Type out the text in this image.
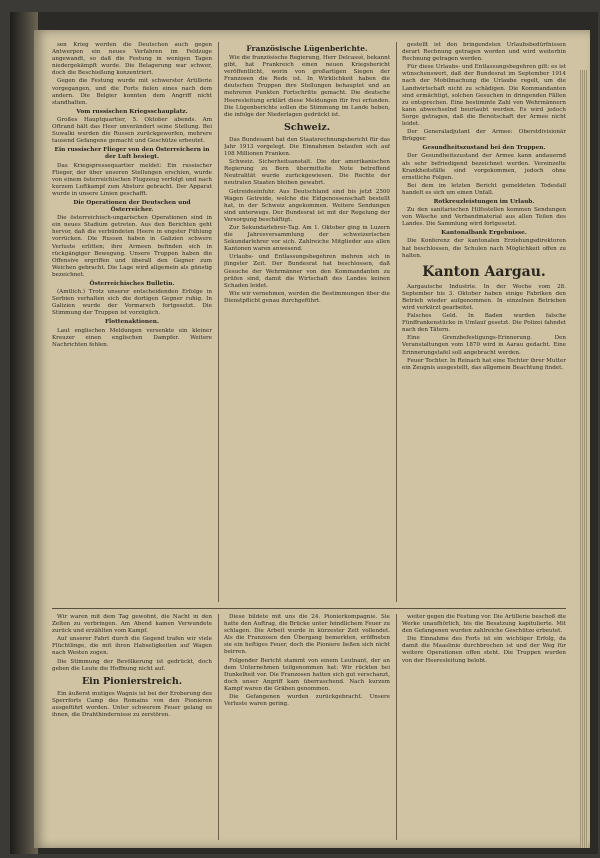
sen Krieg werden die Deutschen auch gegen Antwerpen ein neues Verfahren im Feldzuge angewandt, so daß die Festung in wenigen Tagen niedergekämpft wurde. Die Belagerung war schwer, doch die Beschießung konzentriert.

Gegen die Festung wurde mit schwerster Artillerie vorgegangen, und die Forts fielen eines nach dem andern. Die Belgier konnten dem Angriff nicht standhalten.

Vom russischen Kriegsschauplatz.

Großes Hauptquartier, 5. Oktober abends. Am Oftrand hält das Heer unverändert seine Stellung. Bei Suwalki wurden die Russen zurückgeworfen, mehrere tausend Gefangene gemacht und Geschütze erbeutet.

Ein russischer Flieger von den Österreichern in der Luft besiegt.

Das Kriegspressequartier meldet: Ein russischer Flieger, der über unseren Stellungen erschien, wurde von einem österreichischen Flugzeug verfolgt und nach kurzem Luftkampf zum Absturz gebracht. Der Apparat wurde in unsere Linien geschafft.

Die Operationen der Deutschen und Österreicher.

Die österreichisch-ungarischen Operationen sind in ein neues Stadium getreten. Aus den Berichten geht hervor, daß die verbündeten Heere in engster Fühlung vorrücken. Die Russen haben in Galizien schwere Verluste erlitten; ihre Armeen befinden sich in rückgängiger Bewegung. Unsere Truppen haben die Offensive ergriffen und überall den Gegner zum Weichen gebracht. Die Lage wird allgemein als günstig bezeichnet.

Österreichisches Bulletin.

(Amtlich.) Trotz unserer entscheidenden Erfolge in Serbien verhalten sich die dortigen Gegner ruhig. In Galizien wurde der Vormarsch fortgesetzt. Die Stimmung der Truppen ist vorzüglich.

Flottenaktionen.

Laut englischen Meldungen versenkte ein kleiner Kreuzer einen englischen Dampfer. Weitere Nachrichten fehlen.

Französische Lügenberichte.

Wie die französische Regierung, Herr Delcassé, bekannt gibt, hat Frankreich einen neuen Kriegsbericht veröffentlicht, worin von großartigen Siegen der Franzosen die Rede ist. In Wirklichkeit haben die deutschen Truppen ihre Stellungen behauptet und an mehreren Punkten Fortschritte gemacht. Die deutsche Heeresleitung erklärt diese Meldungen für frei erfunden. Die Lügenberichte sollen die Stimmung im Lande heben, die infolge der Niederlagen gedrückt ist.

Schweiz.

Das Bundesamt hat den Staatsrechnungsbericht für das Jahr 1913 vorgelegt. Die Einnahmen belaufen sich auf 108 Millionen Franken.

Schweiz. Sicherheitsanstalt. Die der amerikanischen Regierung zu Bern übermittelte Note betreffend Neutralität wurde zurückgewiesen. Die Rechte der neutralen Staaten bleiben gewahrt.

Getreideeinfuhr. Aus Deutschland sind bis jetzt 2500 Wagen Getreide, welche die Eidgenossenschaft bestellt hat, in der Schweiz angekommen. Weitere Sendungen sind unterwegs. Der Bundesrat ist mit der Regelung der Versorgung beschäftigt.

Zur Sekundarlehrer-Tag. Am 1. Oktober ging in Luzern die Jahresversammlung der schweizerischen Sekundarlehrer vor sich. Zahlreiche Mitglieder aus allen Kantonen waren anwesend.

Urlaubs- und Entlassungsbegehren mehren sich in jüngster Zeit. Der Bundesrat hat beschlossen, daß Gesuche der Wehrmänner von den Kommandanten zu prüfen sind, damit die Wirtschaft des Landes keinen Schaden leidet.

Wie wir vernehmen, werden die Bestimmungen über die Dienstpflicht genau durchgeführt.

gestellt ist den bringendsten Urlaubsbedürfnissen derart Rechnung getragen worden und wird weiterhin Rechnung getragen werden.

Für diese Urlaubs- und Entlassungsbegehren gilt: es ist wünschenswert, daß der Bundesrat im September 1914 nach der Mobilmachung die Urlaube regelt, um die Landwirtschaft nicht zu schädigen. Die Kommandanten sind ermächtigt, solchen Gesuchen in dringenden Fällen zu entsprechen. Eine bestimmte Zahl von Wehrmännern kann abwechselnd beurlaubt werden. Es wird jedoch Sorge getragen, daß die Bereitschaft der Armee nicht leidet.

Der Generaladjutant der Armee: Oberstdivisionär Brügger.

Gesundheitszustand bei den Truppen.

Der Gesundheitszustand der Armee kann andauernd als sehr befriedigend bezeichnet werden. Vereinzelte Krankheitsfälle sind vorgekommen, jedoch ohne ernstliche Folgen.

Bei dem im letzten Bericht gemeldeten Todesfall handelt es sich um einen Unfall.

Rotkreuzleistungen im Urlaub.

Zu den sanitarischen Hilfsstellen kommen Sendungen von Wäsche und Verbandmaterial aus allen Teilen des Landes. Die Sammlung wird fortgesetzt.

Kantonalbank Ergebnisse.

Die Konferenz der kantonalen Erziehungsdirektoren hat beschlossen, die Schulen nach Möglichkeit offen zu halten.

Kanton Aargau.

Aargauische Industrie. In der Woche vom 28. September bis 3. Oktober haben einige Fabriken den Betrieb wieder aufgenommen. In einzelnen Betrieben wird verkürzt gearbeitet.

Falsches Geld. In Baden wurden falsche Fünffrankenstücke in Umlauf gesetzt. Die Polizei fahndet nach den Tätern.

Eine Grenzbefestigungs-Erinnerung. Den Veranstaltungen vom 1870 wird in Aarau gedacht. Eine Erinnerungstafel soll angebracht werden.

Feuer Tochter. In Reinach hat eine Tochter ihrer Mutter ein Zeugnis ausgestellt, das allgemein Beachtung findet.

Wir waren mit dem Tag gewohnt, die Nacht in den Zelten zu verbringen. Am Abend kamen Verwundete zurück und erzählten vom Kampf.

Auf unserer Fahrt durch die Gegend trafen wir viele Flüchtlinge, die mit ihren Habseligkeiten auf Wagen nach Westen zogen.

Die Stimmung der Bevölkerung ist gedrückt, doch geben die Leute die Hoffnung nicht auf.

Ein Pionierstreich.

Ein äußerst mutiges Wagnis ist bei der Eroberung des Sperrforts Camp des Romains von den Pionieren ausgeführt worden. Unter schwerem Feuer gelang es ihnen, die Drahthindernisse zu zerstören.

Diese bildete mit uns die 24. Pionierkompagnie. Sie hatte den Auftrag, die Brücke unter feindlichem Feuer zu schlagen. Die Arbeit wurde in kürzester Zeit vollendet. Als die Franzosen den Übergang bemerkten, eröffneten sie ein heftiges Feuer, doch die Pioniere ließen sich nicht beirren.

Folgender Bericht stammt von einem Leutnant, der an dem Unternehmen teilgenommen hat: Wir rückten bei Dunkelheit vor. Die Franzosen hatten sich gut verschanzt, doch unser Angriff kam überraschend. Nach kurzem Kampf waren die Gräben genommen.

Die Gefangenen wurden zurückgebracht. Unsere Verluste waren gering.

weiter gegen die Festung vor. Die Artillerie beschoß die Werke unaufhörlich, bis die Besatzung kapitulierte. Mit den Gefangenen wurden zahlreiche Geschütze erbeutet.

Die Einnahme des Forts ist ein wichtiger Erfolg, da damit die Maaslinie durchbrochen ist und der Weg für weitere Operationen offen steht. Die Truppen wurden von der Heeresleitung belobt.
